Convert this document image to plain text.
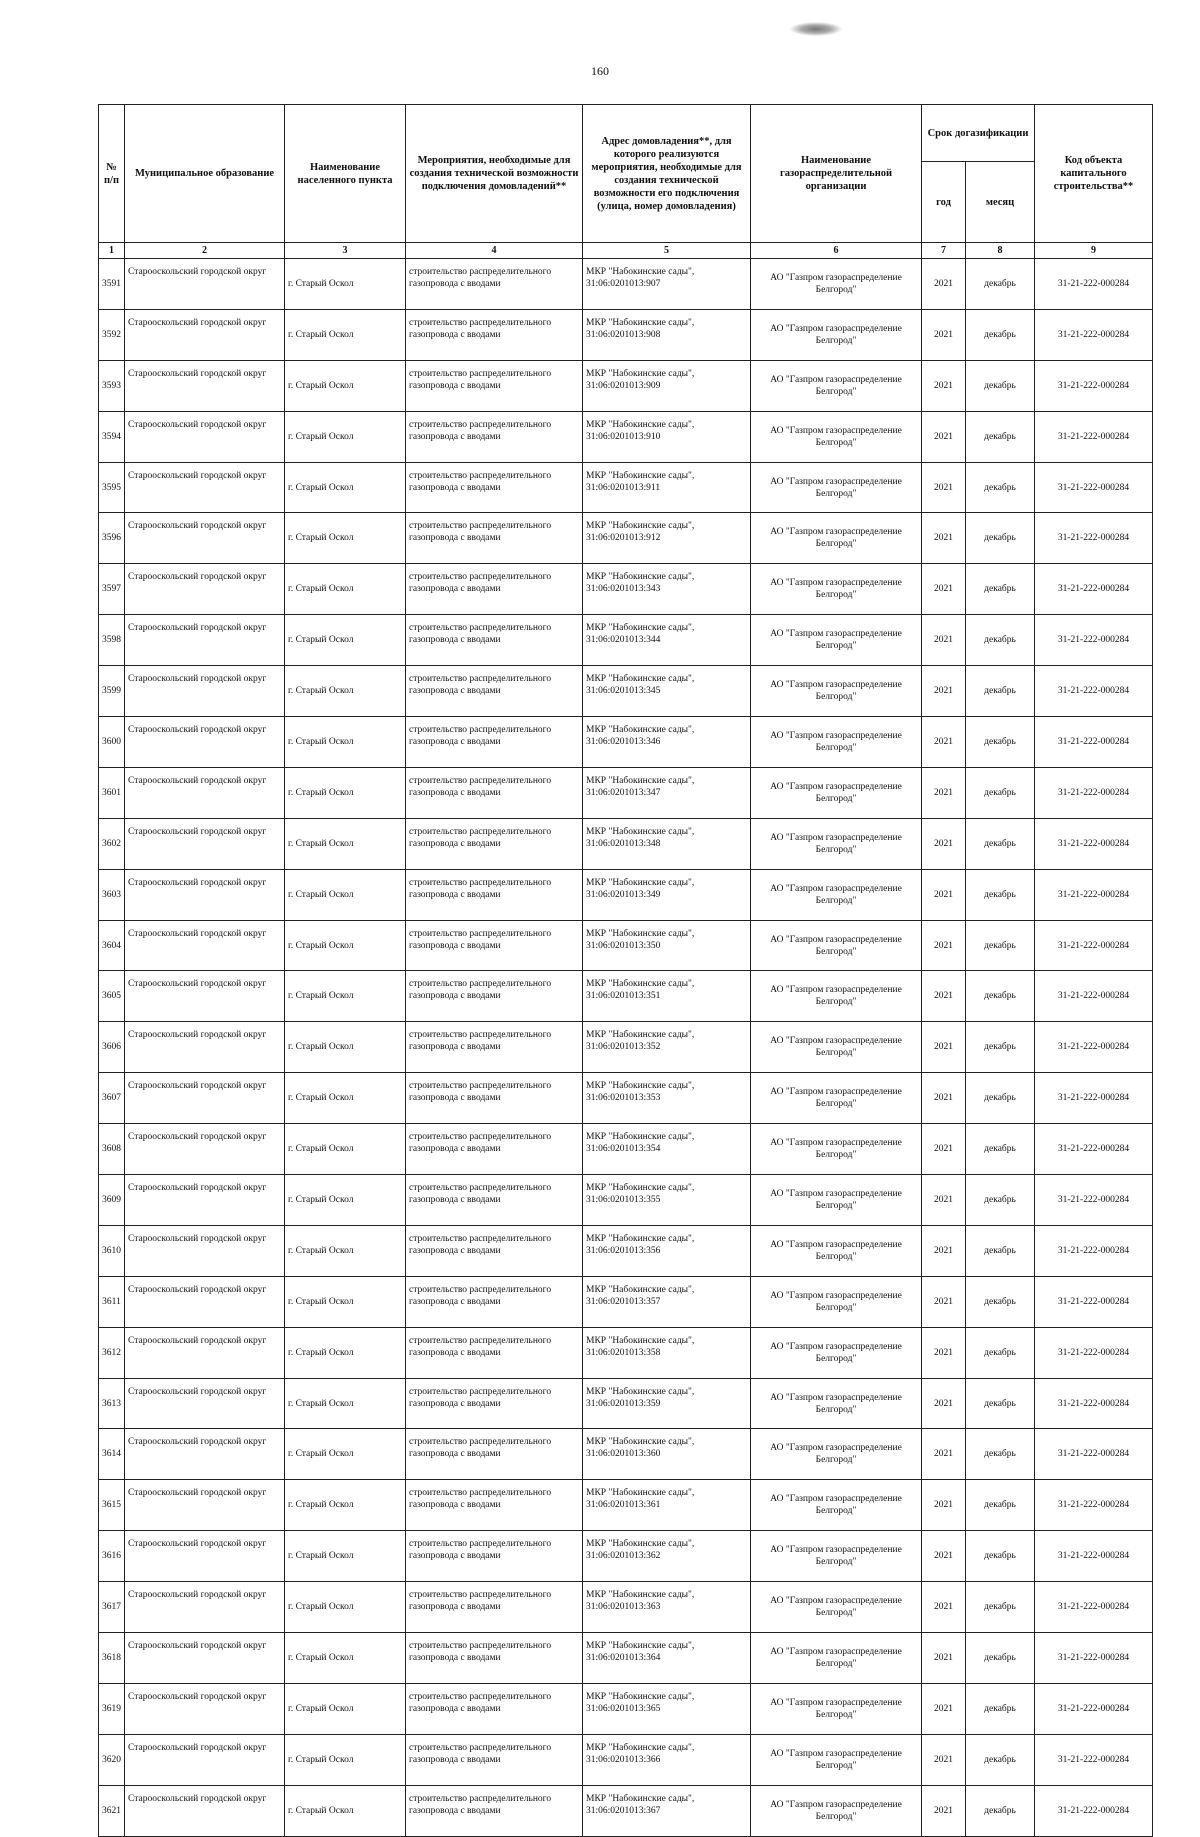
160
№
п/п	Муниципальное образование	Наименование населенного пункта	Мероприятия, необходимые для создания технической возможности подключения домовладений**	Адрес домовладения**, для которого реализуются мероприятия, необходимые для создания технической возможности его подключения (улица, номер домовладения)	Наименование газораспределительной организации	Срок догазификации		Код объекта капитального строительства**
						год	месяц	
1	2	3	4	5	6	7	8	9
3591	Старооскольский городской округ	г. Старый Оскол	строительство распределительного газопровода с вводами	МКР "Набокинские сады", 31:06:0201013:907	АО "Газпром газораспределение Белгород"	2021	декабрь	31-21-222-000284
3592	Старооскольский городской округ	г. Старый Оскол	строительство распределительного газопровода с вводами	МКР "Набокинские сады", 31:06:0201013:908	АО "Газпром газораспределение Белгород"	2021	декабрь	31-21-222-000284
3593	Старооскольский городской округ	г. Старый Оскол	строительство распределительного газопровода с вводами	МКР "Набокинские сады", 31:06:0201013:909	АО "Газпром газораспределение Белгород"	2021	декабрь	31-21-222-000284
3594	Старооскольский городской округ	г. Старый Оскол	строительство распределительного газопровода с вводами	МКР "Набокинские сады", 31:06:0201013:910	АО "Газпром газораспределение Белгород"	2021	декабрь	31-21-222-000284
3595	Старооскольский городской округ	г. Старый Оскол	строительство распределительного газопровода с вводами	МКР "Набокинские сады", 31:06:0201013:911	АО "Газпром газораспределение Белгород"	2021	декабрь	31-21-222-000284
3596	Старооскольский городской округ	г. Старый Оскол	строительство распределительного газопровода с вводами	МКР "Набокинские сады", 31:06:0201013:912	АО "Газпром газораспределение Белгород"	2021	декабрь	31-21-222-000284
3597	Старооскольский городской округ	г. Старый Оскол	строительство распределительного газопровода с вводами	МКР "Набокинские сады", 31:06:0201013:343	АО "Газпром газораспределение Белгород"	2021	декабрь	31-21-222-000284
3598	Старооскольский городской округ	г. Старый Оскол	строительство распределительного газопровода с вводами	МКР "Набокинские сады", 31:06:0201013:344	АО "Газпром газораспределение Белгород"	2021	декабрь	31-21-222-000284
3599	Старооскольский городской округ	г. Старый Оскол	строительство распределительного газопровода с вводами	МКР "Набокинские сады", 31:06:0201013:345	АО "Газпром газораспределение Белгород"	2021	декабрь	31-21-222-000284
3600	Старооскольский городской округ	г. Старый Оскол	строительство распределительного газопровода с вводами	МКР "Набокинские сады", 31:06:0201013:346	АО "Газпром газораспределение Белгород"	2021	декабрь	31-21-222-000284
3601	Старооскольский городской округ	г. Старый Оскол	строительство распределительного газопровода с вводами	МКР "Набокинские сады", 31:06:0201013:347	АО "Газпром газораспределение Белгород"	2021	декабрь	31-21-222-000284
3602	Старооскольский городской округ	г. Старый Оскол	строительство распределительного газопровода с вводами	МКР "Набокинские сады", 31:06:0201013:348	АО "Газпром газораспределение Белгород"	2021	декабрь	31-21-222-000284
3603	Старооскольский городской округ	г. Старый Оскол	строительство распределительного газопровода с вводами	МКР "Набокинские сады", 31:06:0201013:349	АО "Газпром газораспределение Белгород"	2021	декабрь	31-21-222-000284
3604	Старооскольский городской округ	г. Старый Оскол	строительство распределительного газопровода с вводами	МКР "Набокинские сады", 31:06:0201013:350	АО "Газпром газораспределение Белгород"	2021	декабрь	31-21-222-000284
3605	Старооскольский городской округ	г. Старый Оскол	строительство распределительного газопровода с вводами	МКР "Набокинские сады", 31:06:0201013:351	АО "Газпром газораспределение Белгород"	2021	декабрь	31-21-222-000284
3606	Старооскольский городской округ	г. Старый Оскол	строительство распределительного газопровода с вводами	МКР "Набокинские сады", 31:06:0201013:352	АО "Газпром газораспределение Белгород"	2021	декабрь	31-21-222-000284
3607	Старооскольский городской округ	г. Старый Оскол	строительство распределительного газопровода с вводами	МКР "Набокинские сады", 31:06:0201013:353	АО "Газпром газораспределение Белгород"	2021	декабрь	31-21-222-000284
3608	Старооскольский городской округ	г. Старый Оскол	строительство распределительного газопровода с вводами	МКР "Набокинские сады", 31:06:0201013:354	АО "Газпром газораспределение Белгород"	2021	декабрь	31-21-222-000284
3609	Старооскольский городской округ	г. Старый Оскол	строительство распределительного газопровода с вводами	МКР "Набокинские сады", 31:06:0201013:355	АО "Газпром газораспределение Белгород"	2021	декабрь	31-21-222-000284
3610	Старооскольский городской округ	г. Старый Оскол	строительство распределительного газопровода с вводами	МКР "Набокинские сады", 31:06:0201013:356	АО "Газпром газораспределение Белгород"	2021	декабрь	31-21-222-000284
3611	Старооскольский городской округ	г. Старый Оскол	строительство распределительного газопровода с вводами	МКР "Набокинские сады", 31:06:0201013:357	АО "Газпром газораспределение Белгород"	2021	декабрь	31-21-222-000284
3612	Старооскольский городской округ	г. Старый Оскол	строительство распределительного газопровода с вводами	МКР "Набокинские сады", 31:06:0201013:358	АО "Газпром газораспределение Белгород"	2021	декабрь	31-21-222-000284
3613	Старооскольский городской округ	г. Старый Оскол	строительство распределительного газопровода с вводами	МКР "Набокинские сады", 31:06:0201013:359	АО "Газпром газораспределение Белгород"	2021	декабрь	31-21-222-000284
3614	Старооскольский городской округ	г. Старый Оскол	строительство распределительного газопровода с вводами	МКР "Набокинские сады", 31:06:0201013:360	АО "Газпром газораспределение Белгород"	2021	декабрь	31-21-222-000284
3615	Старооскольский городской округ	г. Старый Оскол	строительство распределительного газопровода с вводами	МКР "Набокинские сады", 31:06:0201013:361	АО "Газпром газораспределение Белгород"	2021	декабрь	31-21-222-000284
3616	Старооскольский городской округ	г. Старый Оскол	строительство распределительного газопровода с вводами	МКР "Набокинские сады", 31:06:0201013:362	АО "Газпром газораспределение Белгород"	2021	декабрь	31-21-222-000284
3617	Старооскольский городской округ	г. Старый Оскол	строительство распределительного газопровода с вводами	МКР "Набокинские сады", 31:06:0201013:363	АО "Газпром газораспределение Белгород"	2021	декабрь	31-21-222-000284
3618	Старооскольский городской округ	г. Старый Оскол	строительство распределительного газопровода с вводами	МКР "Набокинские сады", 31:06:0201013:364	АО "Газпром газораспределение Белгород"	2021	декабрь	31-21-222-000284
3619	Старооскольский городской округ	г. Старый Оскол	строительство распределительного газопровода с вводами	МКР "Набокинские сады", 31:06:0201013:365	АО "Газпром газораспределение Белгород"	2021	декабрь	31-21-222-000284
3620	Старооскольский городской округ	г. Старый Оскол	строительство распределительного газопровода с вводами	МКР "Набокинские сады", 31:06:0201013:366	АО "Газпром газораспределение Белгород"	2021	декабрь	31-21-222-000284
3621	Старооскольский городской округ	г. Старый Оскол	строительство распределительного газопровода с вводами	МКР "Набокинские сады", 31:06:0201013:367	АО "Газпром газораспределение Белгород"	2021	декабрь	31-21-222-000284
